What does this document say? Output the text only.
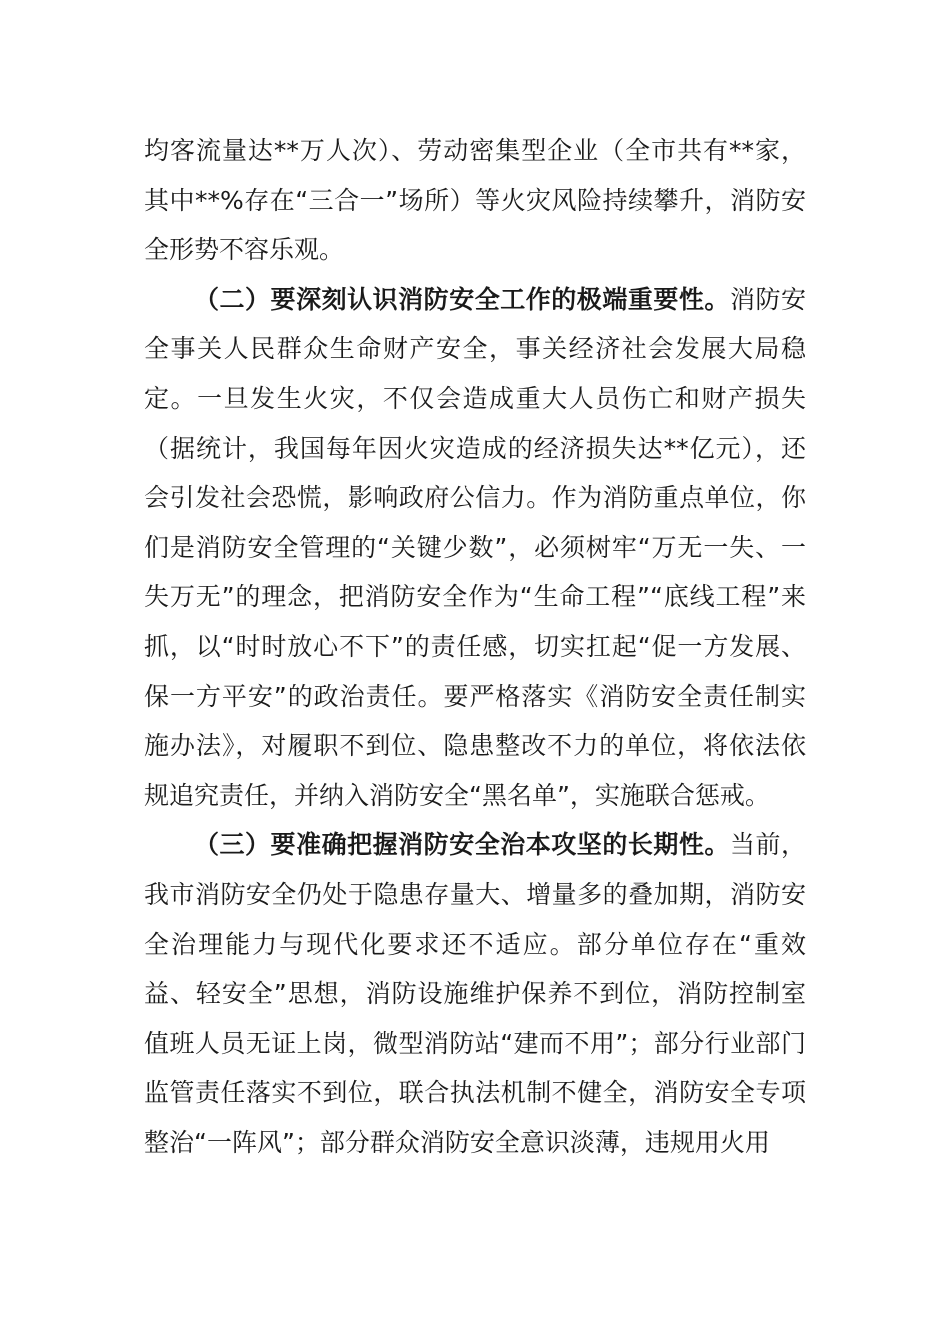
均客流量达**万人次）、劳动密集型企业（全市共有**家，其中**%存在“三合一”场所）等火灾风险持续攀升，消防安全形势不容乐观。

（二）要深刻认识消防安全工作的极端重要性。消防安全事关人民群众生命财产安全，事关经济社会发展大局稳定。一旦发生火灾，不仅会造成重大人员伤亡和财产损失（据统计，我国每年因火灾造成的经济损失达**亿元），还会引发社会恐慌，影响政府公信力。作为消防重点单位，你们是消防安全管理的“关键少数”，必须树牢“万无一失、一失万无”的理念，把消防安全作为“生命工程”“底线工程”来抓，以“时时放心不下”的责任感，切实扛起“促一方发展、保一方平安”的政治责任。要严格落实《消防安全责任制实施办法》，对履职不到位、隐患整改不力的单位，将依法依规追究责任，并纳入消防安全“黑名单”，实施联合惩戒。

（三）要准确把握消防安全治本攻坚的长期性。当前，我市消防安全仍处于隐患存量大、增量多的叠加期，消防安全治理能力与现代化要求还不适应。部分单位存在“重效益、轻安全”思想，消防设施维护保养不到位，消防控制室值班人员无证上岗，微型消防站“建而不用”；部分行业部门监管责任落实不到位，联合执法机制不健全，消防安全专项整治“一阵风”；部分群众消防安全意识淡薄，违规用火用
